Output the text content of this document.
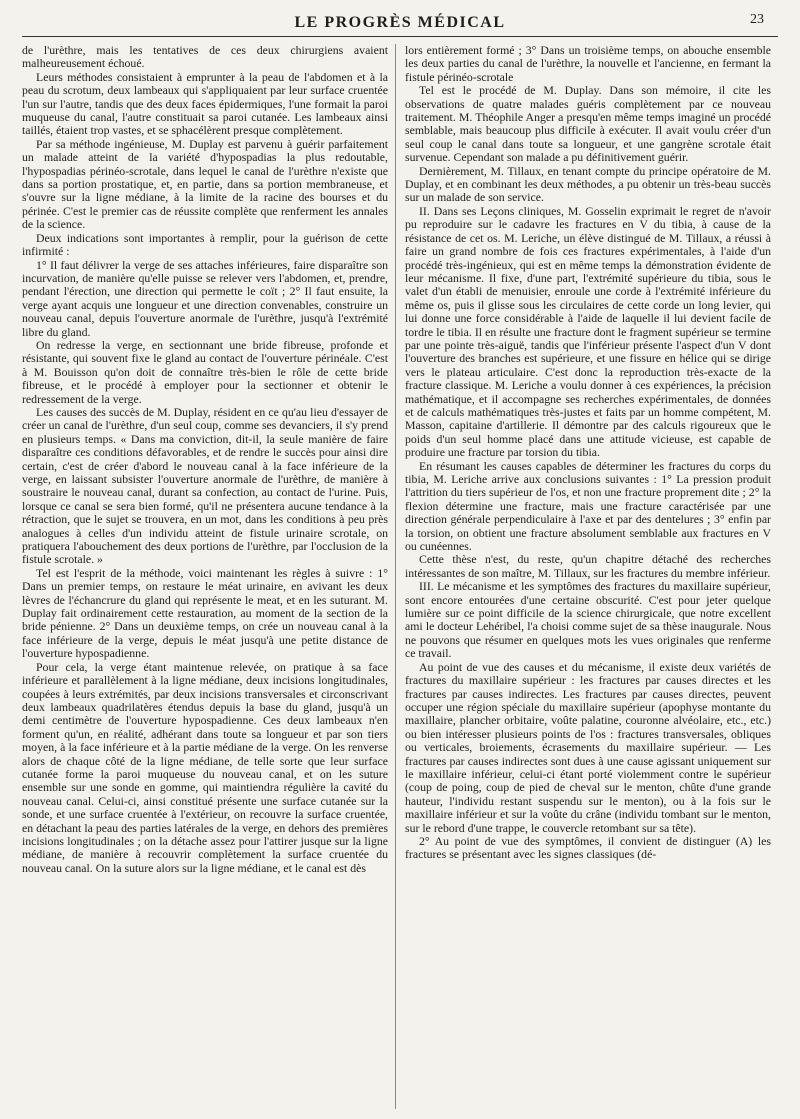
LE PROGRÈS MÉDICAL	23

de l'urèthre, mais les tentatives de ces deux chirurgiens avaient malheureusement échoué.

Leurs méthodes consistaient à emprunter à la peau de l'abdomen et à la peau du scrotum, deux lambeaux qui s'appliquaient par leur surface cruentée l'un sur l'autre, tandis que des deux faces épidermiques, l'une formait la paroi muqueuse du canal, l'autre constituait sa paroi cutanée. Les lambeaux ainsi taillés, étaient trop vastes, et se sphacélèrent presque complètement.

Par sa méthode ingénieuse, M. Duplay est parvenu à guérir parfaitement un malade atteint de la variété d'hypospadias la plus redoutable, l'hypospadias périnéo-scrotale, dans lequel le canal de l'urèthre n'existe que dans sa portion prostatique, et, en partie, dans sa portion membraneuse, et s'ouvre sur la ligne médiane, à la limite de la racine des bourses et du périnée. C'est le premier cas de réussite complète que renferment les annales de la science.

Deux indications sont importantes à remplir, pour la guérison de cette infirmité :

1° Il faut délivrer la verge de ses attaches inférieures, faire disparaître son incurvation, de manière qu'elle puisse se relever vers l'abdomen, et, prendre, pendant l'érection, une direction qui permette le coït ; 2° Il faut ensuite, la verge ayant acquis une longueur et une direction convenables, construire un nouveau canal, depuis l'ouverture anormale de l'urèthre, jusqu'à l'extrémité libre du gland.

On redresse la verge, en sectionnant une bride fibreuse, profonde et résistante, qui souvent fixe le gland au contact de l'ouverture périnéale. C'est à M. Bouisson qu'on doit de connaître très-bien le rôle de cette bride fibreuse, et le procédé à employer pour la sectionner et obtenir le redressement de la verge.

Les causes des succès de M. Duplay, résident en ce qu'au lieu d'essayer de créer un canal de l'urèthre, d'un seul coup, comme ses devanciers, il s'y prend en plusieurs temps. « Dans ma conviction, dit-il, la seule manière de faire disparaître ces conditions défavorables, et de rendre le succès pour ainsi dire certain, c'est de créer d'abord le nouveau canal à la face inférieure de la verge, en laissant subsister l'ouverture anormale de l'urèthre, de manière à soustraire le nouveau canal, durant sa confection, au contact de l'urine. Puis, lorsque ce canal se sera bien formé, qu'il ne présentera aucune tendance à la rétraction, que le sujet se trouvera, en un mot, dans les conditions à peu près analogues à celles d'un individu atteint de fistule urinaire scrotale, on pratiquera l'abouchement des deux portions de l'urèthre, par l'occlusion de la fistule scrotale. »

Tel est l'esprit de la méthode, voici maintenant les règles à suivre : 1° Dans un premier temps, on restaure le méat urinaire, en avivant les deux lèvres de l'échancrure du gland qui représente le meat, et en les suturant. M. Duplay fait ordinairement cette restauration, au moment de la section de la bride pénienne. 2° Dans un deuxième temps, on crée un nouveau canal à la face inférieure de la verge, depuis le méat jusqu'à une petite distance de l'ouverture hypospadienne.

Pour cela, la verge étant maintenue relevée, on pratique à sa face inférieure et parallèlement à la ligne médiane, deux incisions longitudinales, coupées à leurs extrémités, par deux incisions transversales et circonscrivant deux lambeaux quadrilatères étendus depuis la base du gland, jusqu'à un demi centimètre de l'ouverture hypospadienne. Ces deux lambeaux n'en forment qu'un, en réalité, adhérant dans toute sa longueur et par son tiers moyen, à la face inférieure et à la partie médiane de la verge. On les renverse alors de chaque côté de la ligne médiane, de telle sorte que leur surface cutanée forme la paroi muqueuse du nouveau canal, et on les suture ensemble sur une sonde en gomme, qui maintiendra régulière la cavité du nouveau canal. Celui-ci, ainsi constitué présente une surface cutanée sur la sonde, et une surface cruentée à l'extérieur, on recouvre la surface cruentée, en détachant la peau des parties latérales de la verge, en dehors des premières incisions longitudinales ; on la détache assez pour l'attirer jusque sur la ligne médiane, de manière à recouvrir complètement la surface cruentée du nouveau canal. On la suture alors sur la ligne médiane, et le canal est dès

lors entièrement formé ; 3° Dans un troisième temps, on abouche ensemble les deux parties du canal de l'urèthre, la nouvelle et l'ancienne, en fermant la fistule périnéo-scrotale

Tel est le procédé de M. Duplay. Dans son mémoire, il cite les observations de quatre malades guéris complètement par ce nouveau traitement. M. Théophile Anger a presqu'en même temps imaginé un procédé semblable, mais beaucoup plus difficile à exécuter. Il avait voulu créer d'un seul coup le canal dans toute sa longueur, et une gangrène scrotale était survenue. Cependant son malade a pu définitivement guérir.

Dernièrement, M. Tillaux, en tenant compte du principe opératoire de M. Duplay, et en combinant les deux méthodes, a pu obtenir un très-beau succès sur un malade de son service.

II. Dans ses Leçons cliniques, M. Gosselin exprimait le regret de n'avoir pu reproduire sur le cadavre les fractures en V du tibia, à cause de la résistance de cet os. M. Leriche, un élève distingué de M. Tillaux, a réussi à faire un grand nombre de fois ces fractures expérimentales, à l'aide d'un procédé très-ingénieux, qui est en même temps la démonstration évidente de leur mécanisme. Il fixe, d'une part, l'extrémité supérieure du tibia, sous le valet d'un établi de menuisier, enroule une corde à l'extrémité inférieure du même os, puis il glisse sous les circulaires de cette corde un long levier, qui lui donne une force considérable à l'aide de laquelle il lui devient facile de tordre le tibia. Il en résulte une fracture dont le fragment supérieur se termine par une pointe très-aiguë, tandis que l'inférieur présente l'aspect d'un V dont l'ouverture des branches est supérieure, et une fissure en hélice qui se dirige vers le plateau articulaire. C'est donc la reproduction très-exacte de la fracture classique. M. Leriche a voulu donner à ces expériences, la précision mathématique, et il accompagne ses recherches expérimentales, de données et de calculs mathématiques très-justes et faits par un homme compétent, M. Masson, capitaine d'artillerie. Il démontre par des calculs rigoureux que le poids d'un seul homme placé dans une attitude vicieuse, est capable de produire une fracture par torsion du tibia.

En résumant les causes capables de déterminer les fractures du corps du tibia, M. Leriche arrive aux conclusions suivantes : 1° La pression produit l'attrition du tiers supérieur de l'os, et non une fracture proprement dite ; 2° la flexion détermine une fracture, mais une fracture caractérisée par une direction générale perpendiculaire à l'axe et par des dentelures ; 3° enfin par la torsion, on obtient une fracture absolument semblable aux fractures en V ou cunéennes.

Cette thèse n'est, du reste, qu'un chapitre détaché des recherches intéressantes de son maître, M. Tillaux, sur les fractures du membre inférieur.

III. Le mécanisme et les symptômes des fractures du maxillaire supérieur, sont encore entourées d'une certaine obscurité. C'est pour jeter quelque lumière sur ce point difficile de la science chirurgicale, que notre excellent ami le docteur Lehéribel, l'a choisi comme sujet de sa thèse inaugurale. Nous ne pouvons que résumer en quelques mots les vues originales que renferme ce travail.

Au point de vue des causes et du mécanisme, il existe deux variétés de fractures du maxillaire supérieur : les fractures par causes directes et les fractures par causes indirectes. Les fractures par causes directes, peuvent occuper une région spéciale du maxillaire supérieur (apophyse montante du maxillaire, plancher orbitaire, voûte palatine, couronne alvéolaire, etc., etc.) ou bien intéresser plusieurs points de l'os : fractures transversales, obliques ou verticales, broiements, écrasements du maxillaire supérieur. — Les fractures par causes indirectes sont dues à une cause agissant uniquement sur le maxillaire inférieur, celui-ci étant porté violemment contre le supérieur (coup de poing, coup de pied de cheval sur le menton, chûte d'une grande hauteur, l'individu restant suspendu sur le menton), ou à la fois sur le maxillaire inférieur et sur la voûte du crâne (individu tombant sur le menton, sur le rebord d'une trappe, le couvercle retombant sur sa tête).

2° Au point de vue des symptômes, il convient de distinguer (A) les fractures se présentant avec les signes classiques (dé-
